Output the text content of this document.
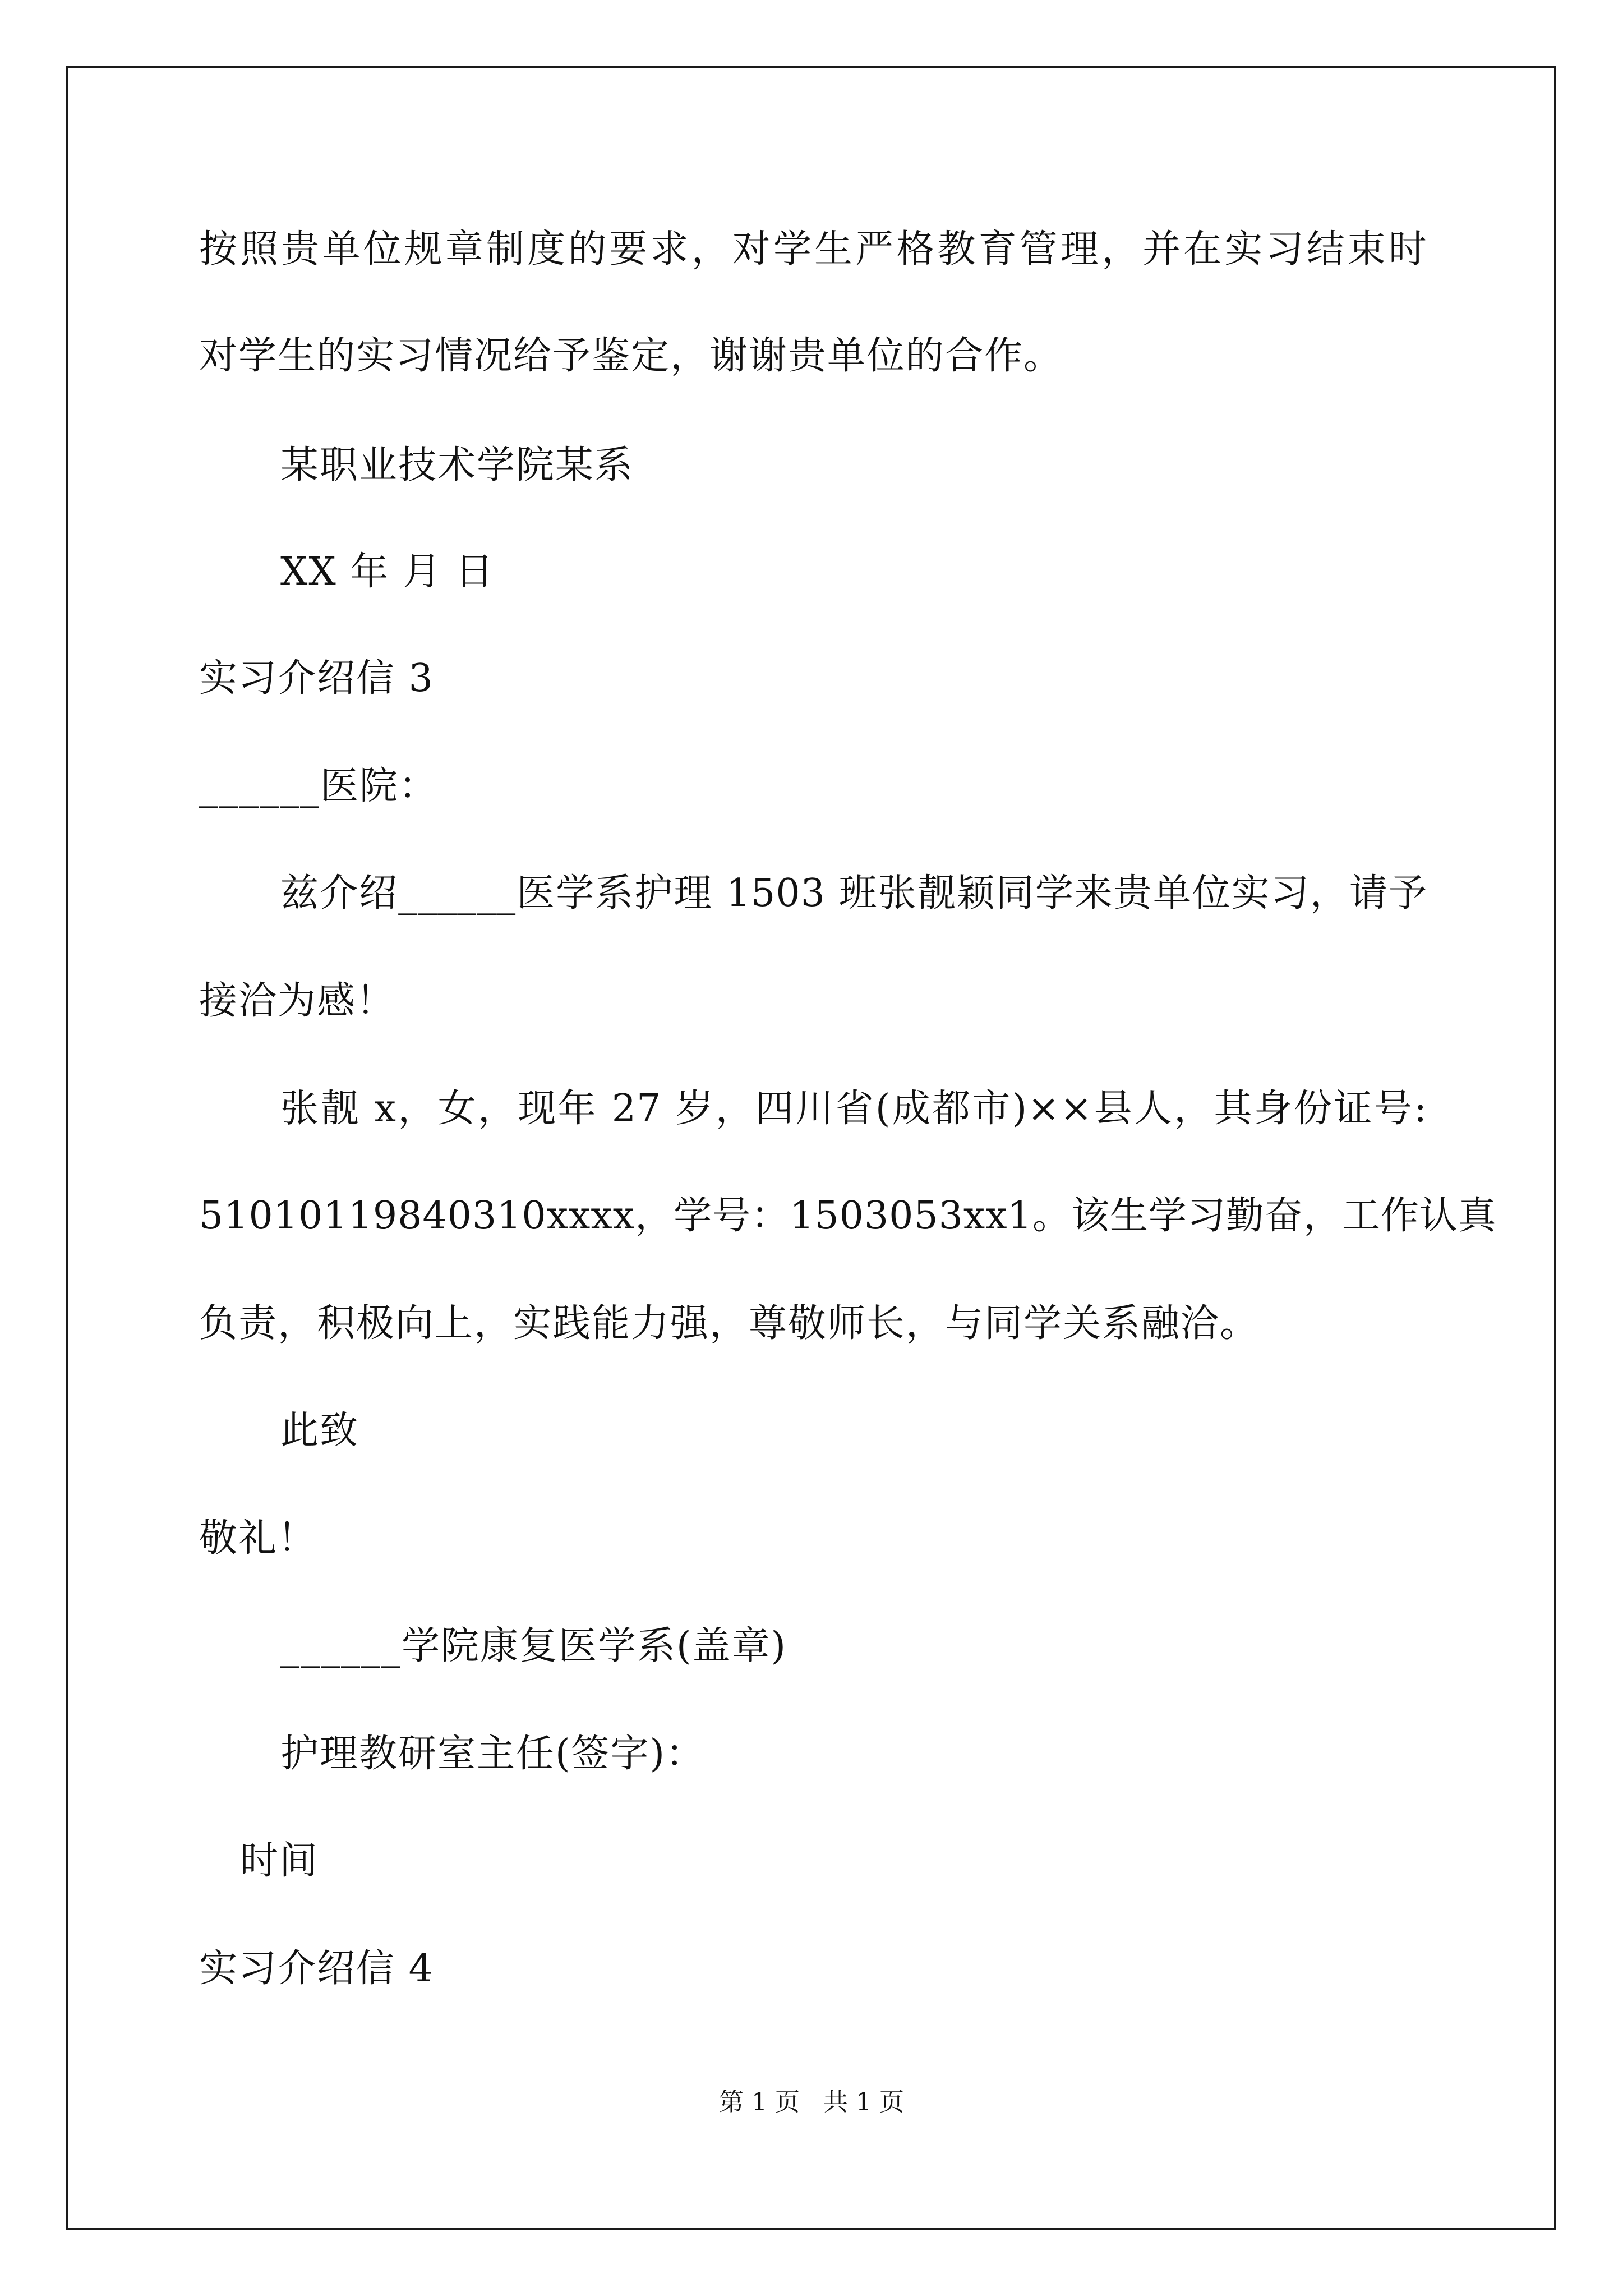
按照贵单位规章制度的要求，对学生严格教育管理，并在实习结束时
对学生的实习情况给予鉴定，谢谢贵单位的合作。
某职业技术学院某系
XX 年 月 日
实习介绍信 3
______医院：
兹介绍______医学系护理 1503 班张靓颖同学来贵单位实习，请予
接洽为感！
张靓 x，女，现年 27 岁，四川省(成都市)××县人，其身份证号:
51010119840310xxxx，学号：1503053xx1。该生学习勤奋，工作认真
负责，积极向上，实践能力强，尊敬师长，与同学关系融洽。
此致
敬礼！
______学院康复医学系(盖章)
护理教研室主任(签字)：
时间
实习介绍信 4
第 1 页   共 1 页
